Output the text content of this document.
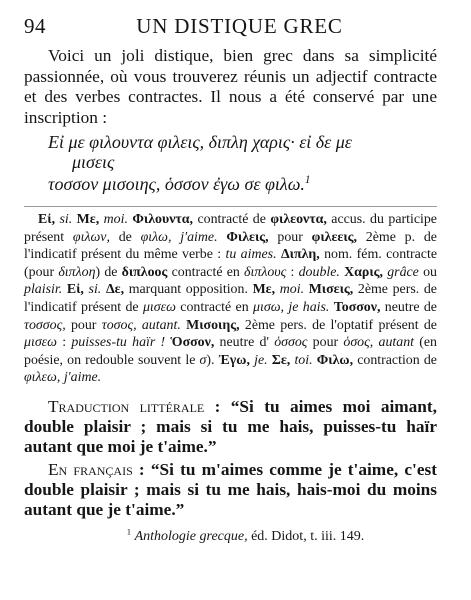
94	UN DISTIQUE GREC

Voici un joli distique, bien grec dans sa simplicité passionnée, où vous trouverez réunis un adjectif contracte et des verbes contractes. Il nous a été conservé par une inscription :

Εἰ με φιλουντα φιλεις, διπλη χαρις· εἰ δε με
μισεις
τοσσον μισοιης, ὁσσον ἐγω σε φιλω.$^1$

Εἰ, si. Με, moi. Φιλουντα, contracté de φιλεοντα, accus. du participe présent φιλων, de φιλω, j'aime. Φιλεις, pour φιλεεις, 2ème p. de l'indicatif présent du même verbe : tu aimes. Διπλη, nom. fém. contracte (pour διπλοη) de διπλοος contracté en διπλους : double. Χαρις, grâce ou plaisir. Εἰ, si. Δε, marquant opposition. Με, moi. Μισεις, 2ème pers. de l'indicatif présent de μισεω contracté en μισω, je hais. Τοσσον, neutre de τοσσος, pour τοσος, autant. Μισοιης, 2ème pers. de l'optatif présent de μισεω : puisses-tu haïr ! Ὁσσον, neutre d' ὁσσος pour ὁσος, autant (en poésie, on redouble souvent le σ). Ἐγω, je. Σε, toi. Φιλω, contraction de φιλεω, j'aime.

Traduction littérale : “Si tu aimes moi aimant, double plaisir ; mais si tu me hais, puisses-tu haïr autant que moi je t'aime.”

En français : “Si tu m'aimes comme je t'aime, c'est double plaisir ; mais si tu me hais, hais-moi du moins autant que je t'aime.”

$^1$ Anthologie grecque, éd. Didot, t. iii. 149.
